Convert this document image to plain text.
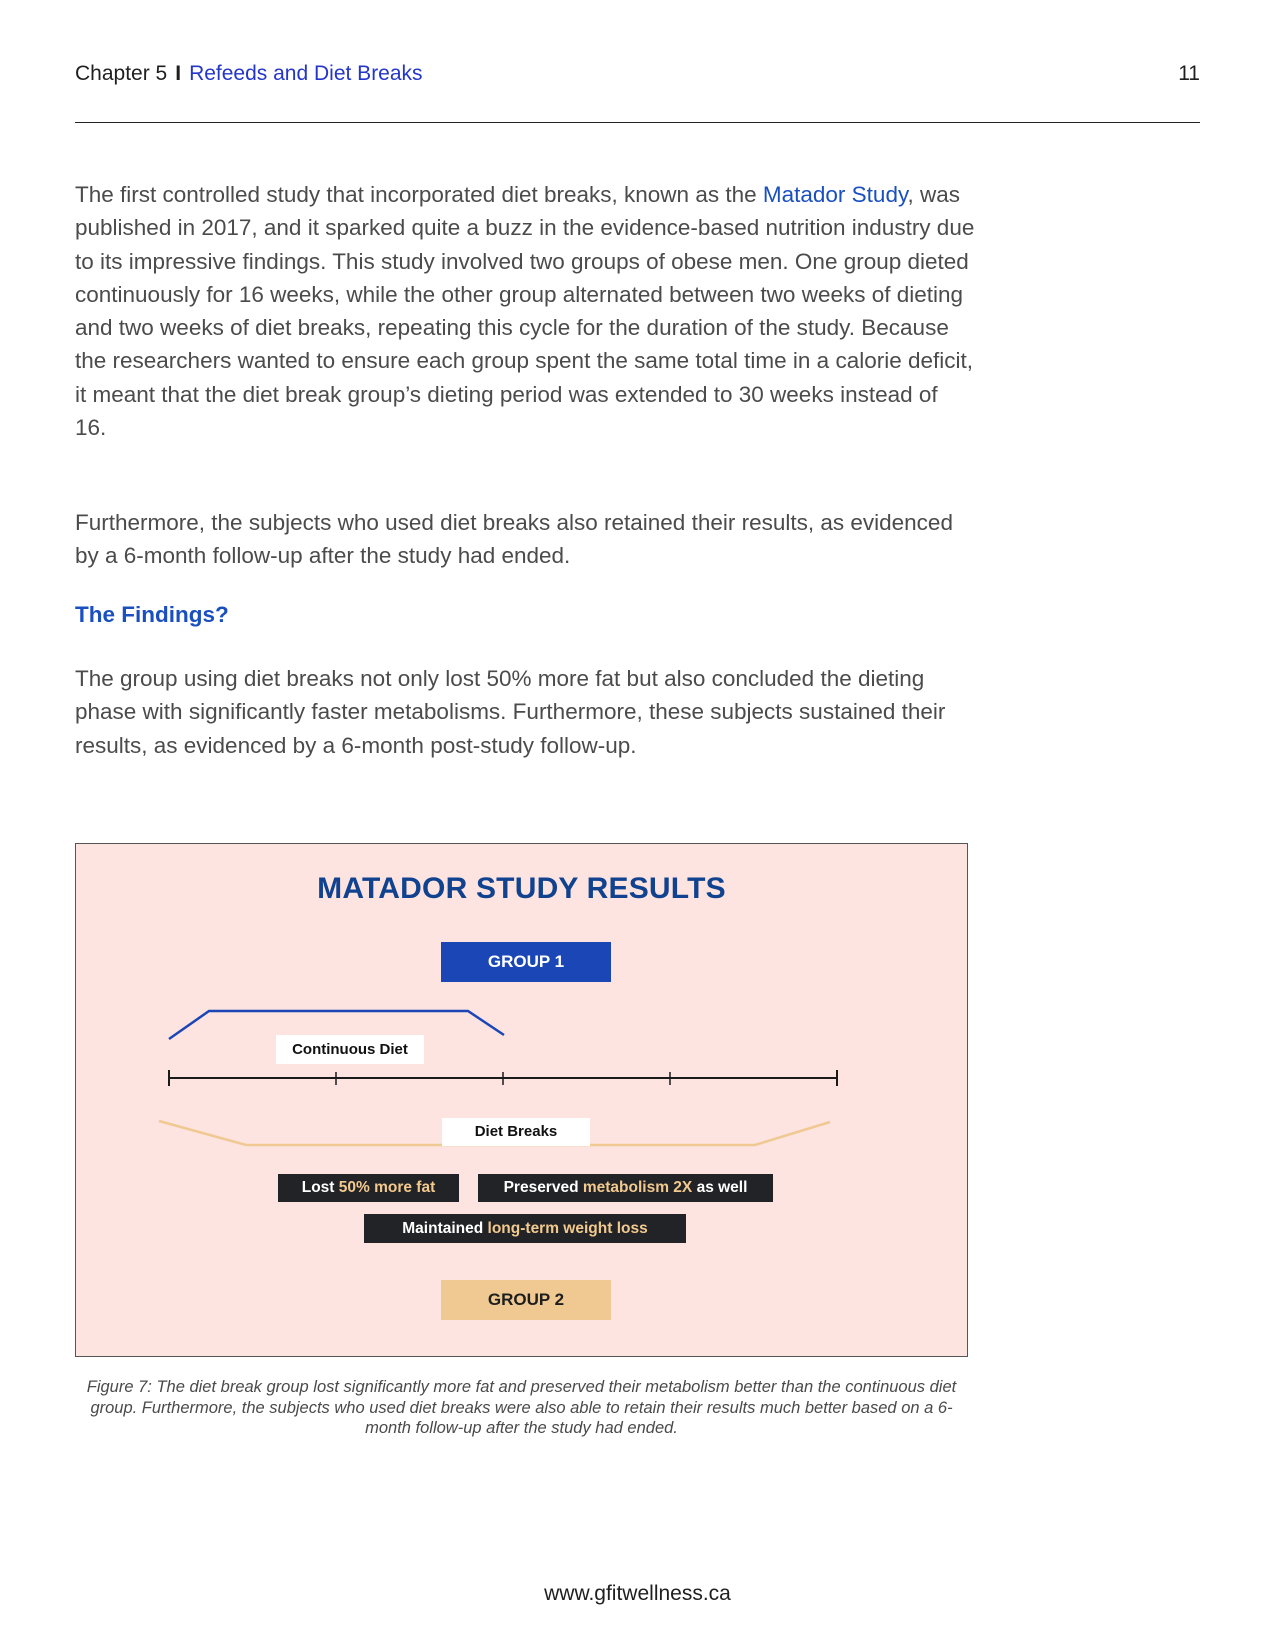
Chapter 5 I Refeeds and Diet Breaks	11

The first controlled study that incorporated diet breaks, known as the Matador Study, was published in 2017, and it sparked quite a buzz in the evidence-based nutrition industry due to its impressive findings. This study involved two groups of obese men. One group dieted continuously for 16 weeks, while the other group alternated between two weeks of dieting and two weeks of diet breaks, repeating this cycle for the duration of the study. Because the researchers wanted to ensure each group spent the same total time in a calorie deficit, it meant that the diet break group’s dieting period was extended to 30 weeks instead of 16.

Furthermore, the subjects who used diet breaks also retained their results, as evidenced by a 6-month follow-up after the study had ended.

The Findings?

The group using diet breaks not only lost 50% more fat but also concluded the dieting phase with significantly faster metabolisms. Furthermore, these subjects sustained their results, as evidenced by a 6-month post-study follow-up.

MATADOR STUDY RESULTS
GROUP 1
Continuous Diet
Diet Breaks
Lost 50% more fat	Preserved metabolism 2X as well
Maintained long-term weight loss
GROUP 2

Figure 7: The diet break group lost significantly more fat and preserved their metabolism better than the continuous diet group. Furthermore, the subjects who used diet breaks were also able to retain their results much better based on a 6-month follow-up after the study had ended.

www.gfitwellness.ca
